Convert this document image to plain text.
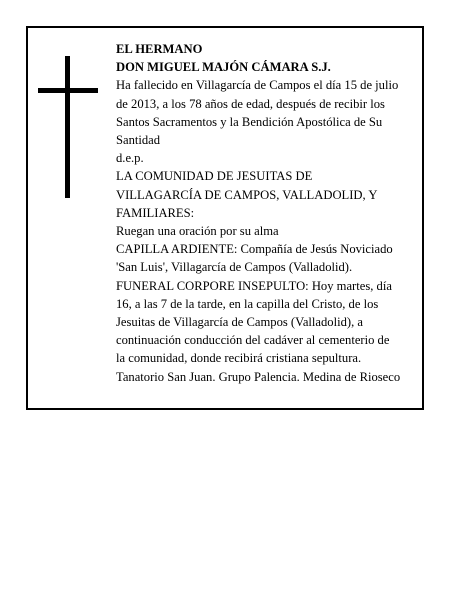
EL HERMANO
DON MIGUEL MAJÓN CÁMARA S.J.
Ha fallecido en Villagarcía de Campos el día 15 de julio
de 2013, a los 78 años de edad, después de recibir los
Santos Sacramentos y la Bendición Apostólica de Su
Santidad
d.e.p.
LA COMUNIDAD DE JESUITAS DE
VILLAGARCÍA DE CAMPOS, VALLADOLID, Y
FAMILIARES:
Ruegan una oración por su alma
CAPILLA ARDIENTE: Compañía de Jesús Noviciado
'San Luis', Villagarcía de Campos (Valladolid).
FUNERAL CORPORE INSEPULTO: Hoy martes, día
16, a las 7 de la tarde, en la capilla del Cristo, de los
Jesuitas de Villagarcía de Campos (Valladolid), a
continuación conducción del cadáver al cementerio de
la comunidad, donde recibirá cristiana sepultura.
Tanatorio San Juan. Grupo Palencia. Medina de Rioseco
